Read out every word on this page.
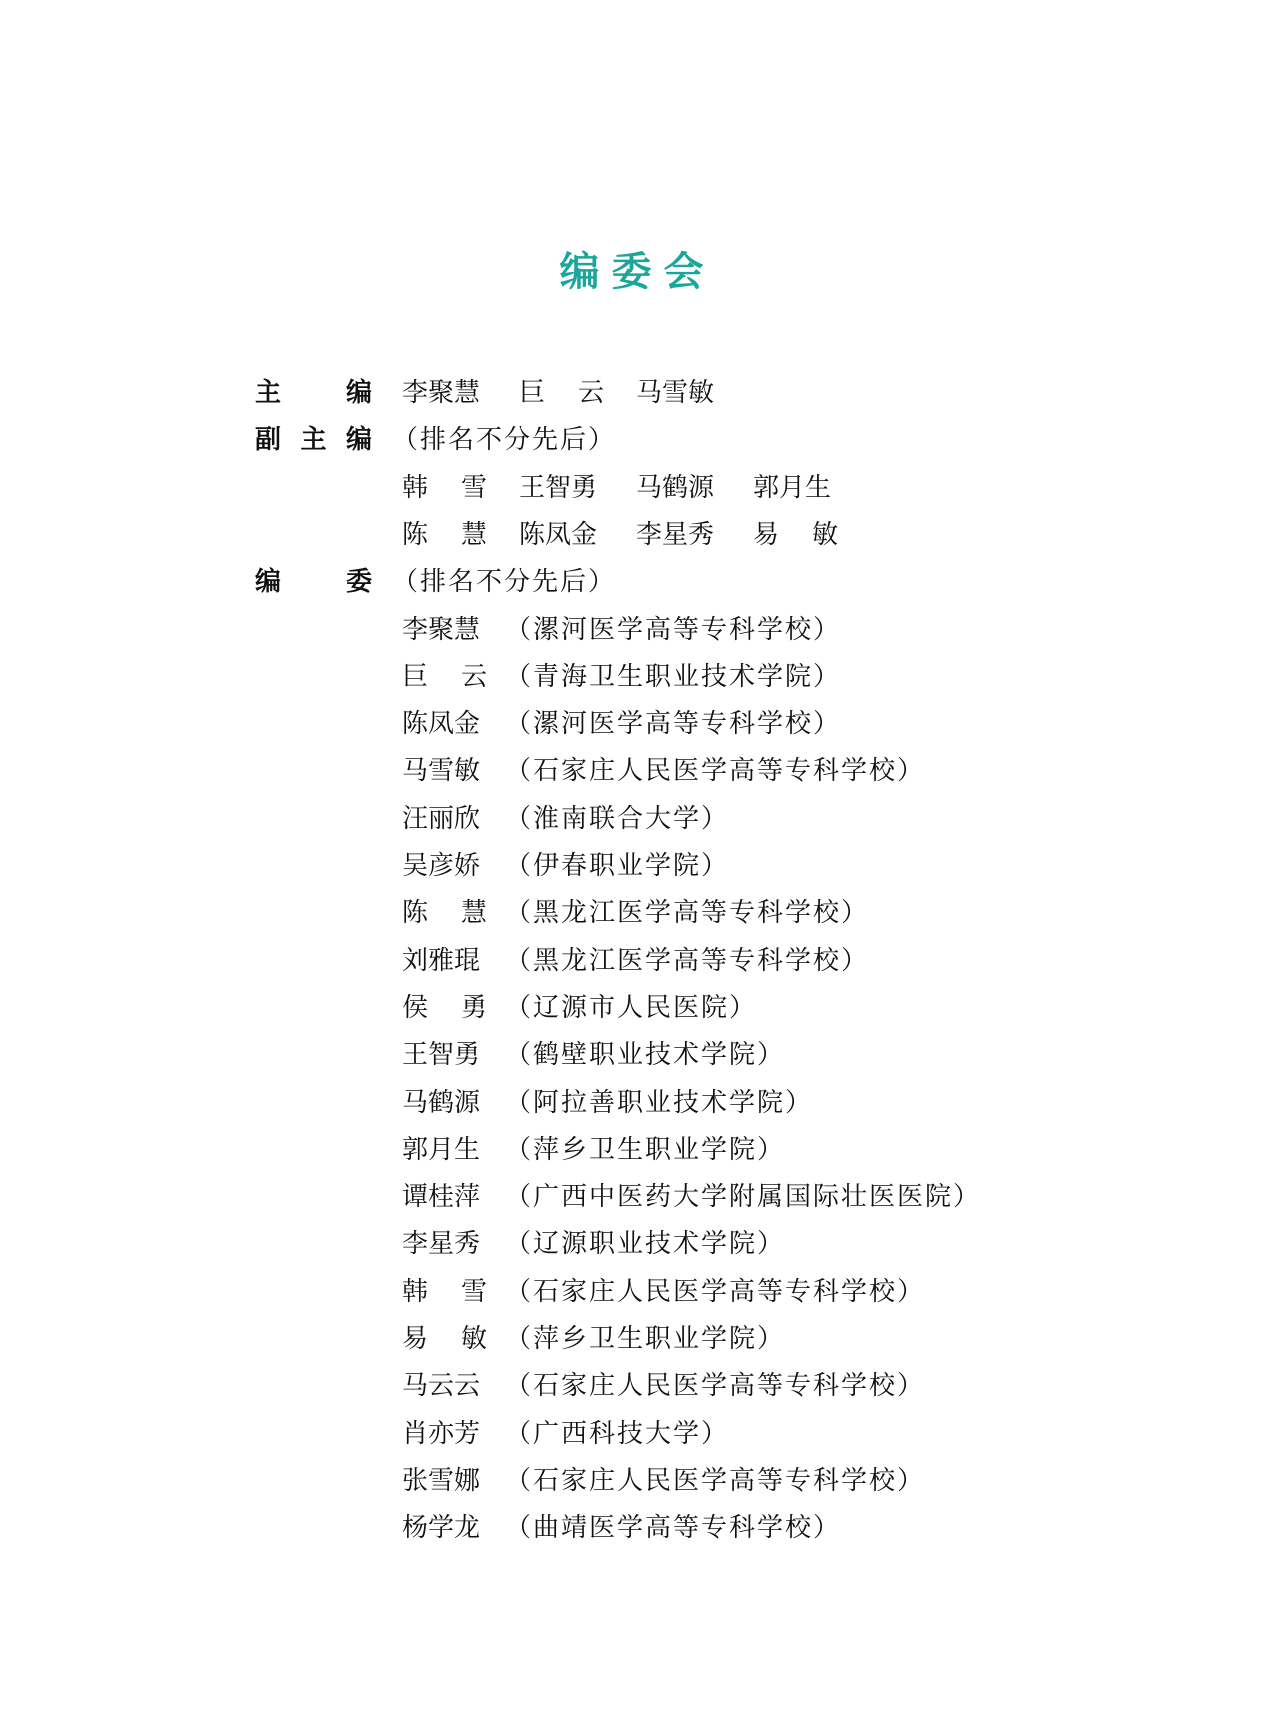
编委会
主 编 李聚慧 巨 云 马雪敏
副 主 编 （排名不分先后）
韩 雪 王智勇 马鹤源 郭月生
陈 慧 陈凤金 李星秀 易 敏
编 委 （排名不分先后）
李聚慧 （漯河医学高等专科学校）
巨 云 （青海卫生职业技术学院）
陈凤金 （漯河医学高等专科学校）
马雪敏 （石家庄人民医学高等专科学校）
汪丽欣 （淮南联合大学）
吴彦娇 （伊春职业学院）
陈 慧 （黑龙江医学高等专科学校）
刘雅琨 （黑龙江医学高等专科学校）
侯 勇 （辽源市人民医院）
王智勇 （鹤壁职业技术学院）
马鹤源 （阿拉善职业技术学院）
郭月生 （萍乡卫生职业学院）
谭桂萍 （广西中医药大学附属国际壮医医院）
李星秀 （辽源职业技术学院）
韩 雪 （石家庄人民医学高等专科学校）
易 敏 （萍乡卫生职业学院）
马云云 （石家庄人民医学高等专科学校）
肖亦芳 （广西科技大学）
张雪娜 （石家庄人民医学高等专科学校）
杨学龙 （曲靖医学高等专科学校）
